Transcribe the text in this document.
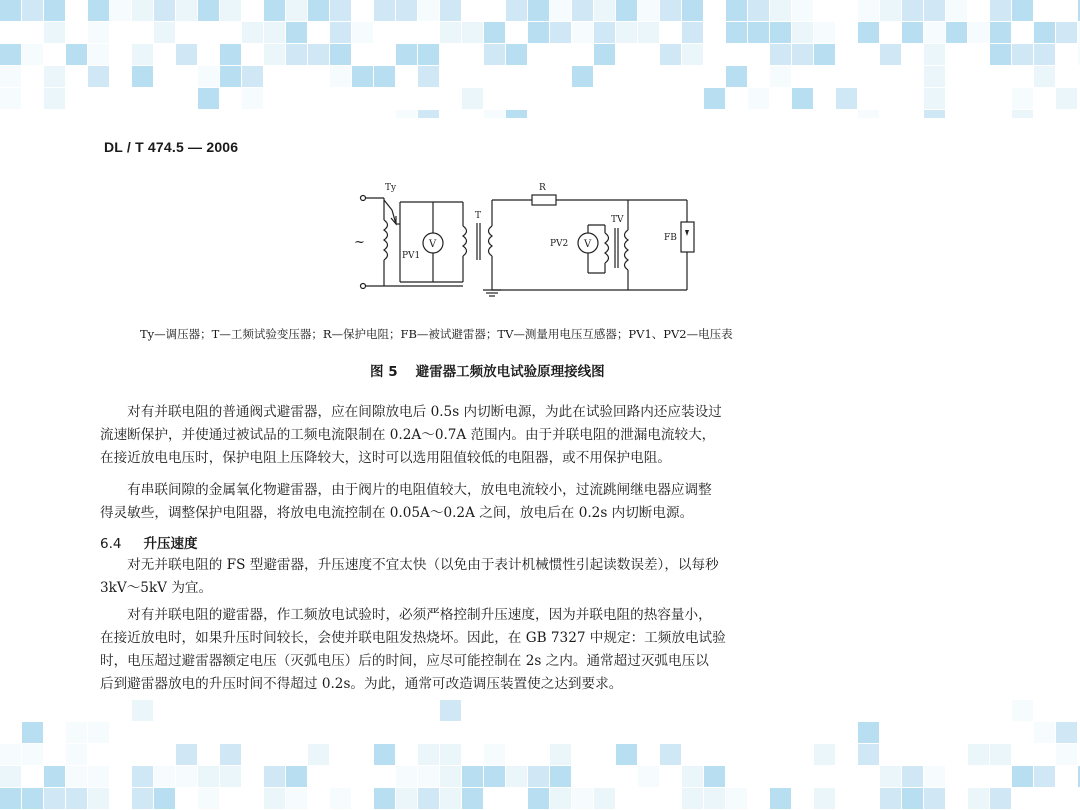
DL / T 474.5 — 2006
Ty
~
PV1
V
T
R
TV
PV2 V
FB
Ty—调压器；T—工频试验变压器；R—保护电阻；FB—被试避雷器；TV—测量用电压互感器；PV1、PV2—电压表
图 5 避雷器工频放电试验原理接线图

　　对有并联电阻的普通阀式避雷器，应在间隙放电后 0.5s 内切断电源，为此在试验回路内还应装设过
流速断保护，并使通过被试品的工频电流限制在 0.2A～0.7A 范围内。由于并联电阻的泄漏电流较大，
在接近放电电压时，保护电阻上压降较大，这时可以选用阻值较低的电阻器，或不用保护电阻。

　　有串联间隙的金属氧化物避雷器，由于阀片的电阻值较大，放电电流较小，过流跳闸继电器应调整
得灵敏些，调整保护电阻器，将放电电流控制在 0.05A～0.2A 之间，放电后在 0.2s 内切断电源。

6.4 升压速度

　　对无并联电阻的 FS 型避雷器，升压速度不宜太快（以免由于表计机械惯性引起读数误差），以每秒
3kV～5kV 为宜。

　　对有并联电阻的避雷器，作工频放电试验时，必须严格控制升压速度，因为并联电阻的热容量小，
在接近放电时，如果升压时间较长，会使并联电阻发热烧坏。因此，在 GB 7327 中规定：工频放电试验
时，电压超过避雷器额定电压（灭弧电压）后的时间，应尽可能控制在 2s 之内。通常超过灭弧电压以
后到避雷器放电的升压时间不得超过 0.2s。为此，通常可改造调压装置使之达到要求。
